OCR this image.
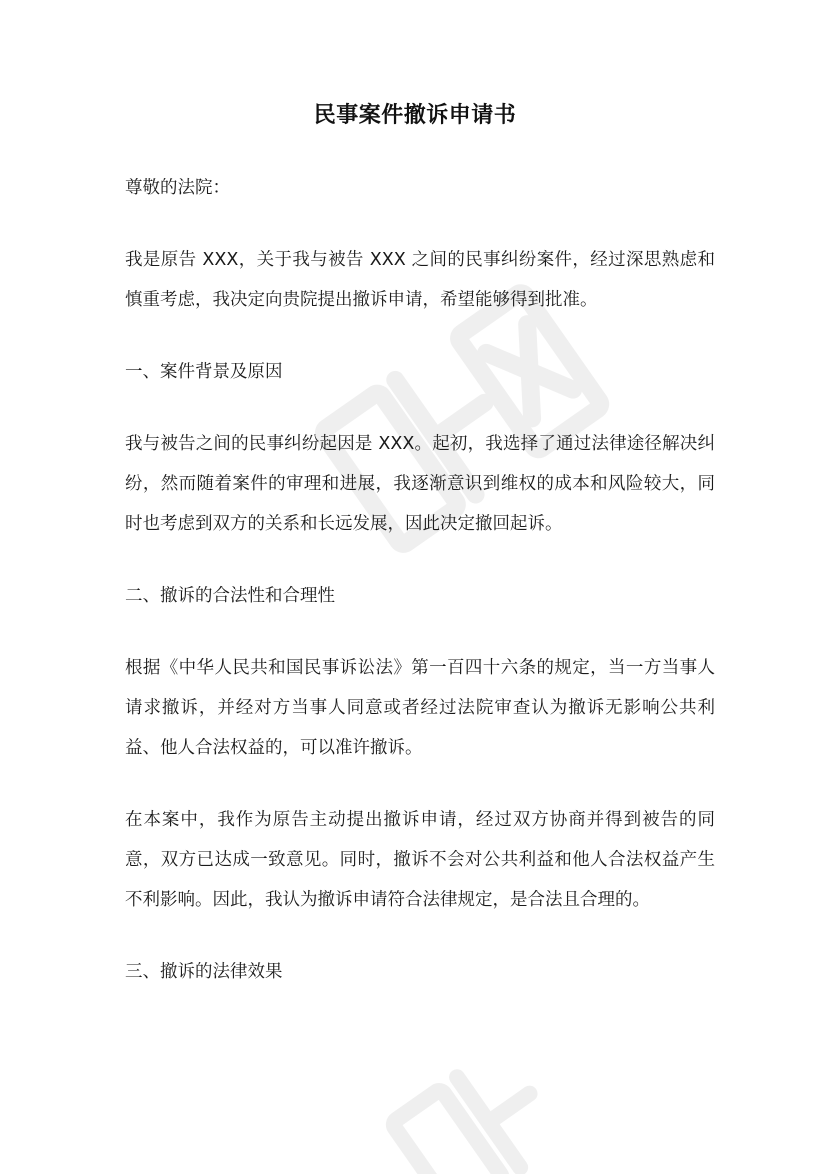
民事案件撤诉申请书

尊敬的法院：

我是原告 XXX，关于我与被告 XXX 之间的民事纠纷案件，经过深思熟虑和慎重考虑，我决定向贵院提出撤诉申请，希望能够得到批准。

一、案件背景及原因

我与被告之间的民事纠纷起因是 XXX。起初，我选择了通过法律途径解决纠纷，然而随着案件的审理和进展，我逐渐意识到维权的成本和风险较大，同时也考虑到双方的关系和长远发展，因此决定撤回起诉。

二、撤诉的合法性和合理性

根据《中华人民共和国民事诉讼法》第一百四十六条的规定，当一方当事人请求撤诉，并经对方当事人同意或者经过法院审查认为撤诉无影响公共利益、他人合法权益的，可以准许撤诉。

在本案中，我作为原告主动提出撤诉申请，经过双方协商并得到被告的同意，双方已达成一致意见。同时，撤诉不会对公共利益和他人合法权益产生不利影响。因此，我认为撤诉申请符合法律规定，是合法且合理的。

三、撤诉的法律效果
